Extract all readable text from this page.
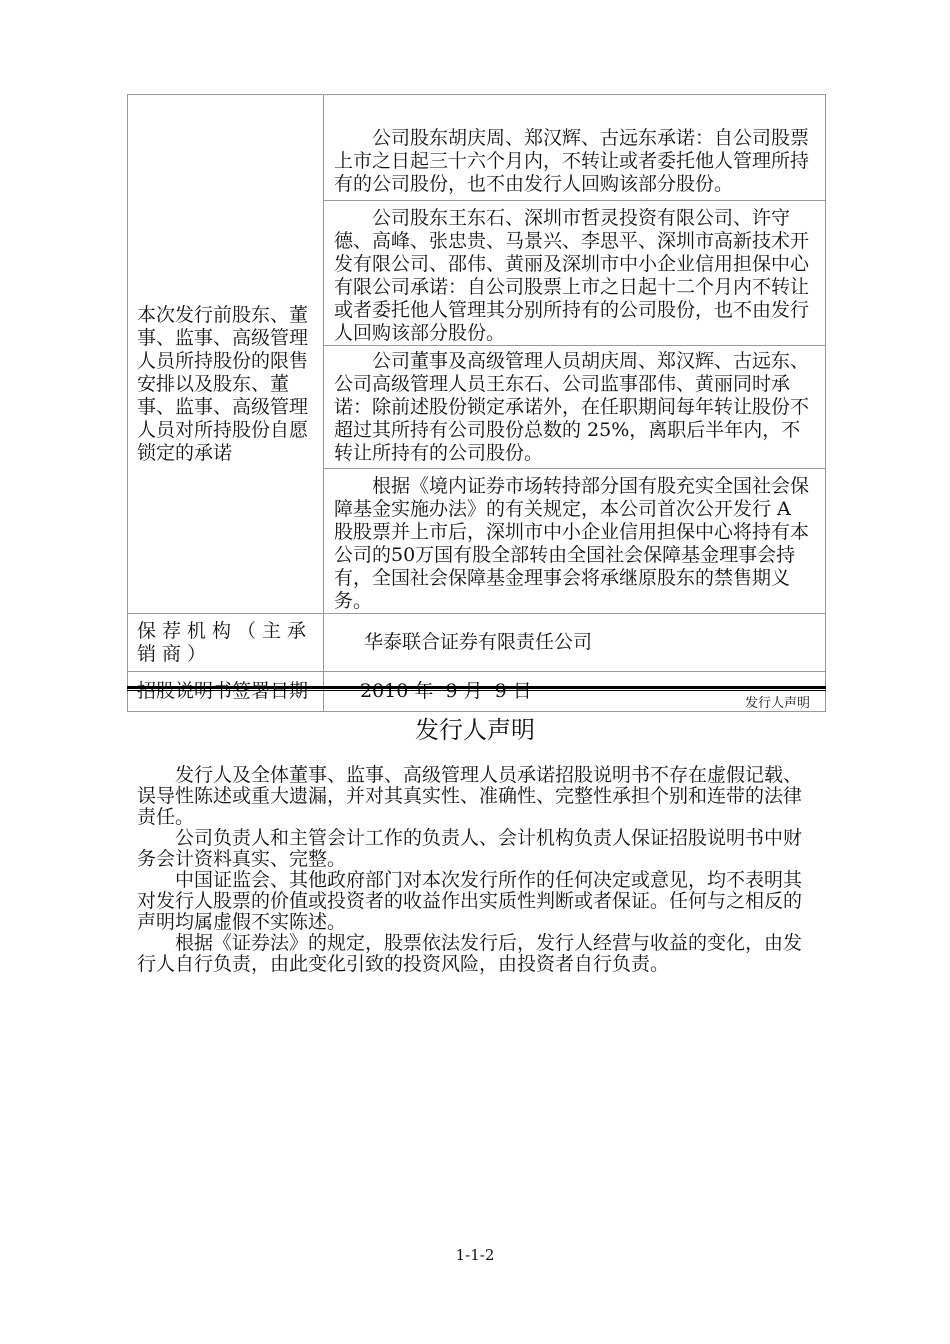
本次发行前股东、董事、监事、高级管理人员所持股份的限售安排以及股东、董事、监事、高级管理人员对所持股份自愿锁定的承诺	公司股东胡庆周、郑汉辉、古远东承诺：自公司股票上市之日起三十六个月内，不转让或者委托他人管理所持有的公司股份，也不由发行人回购该部分股份。

	公司股东王东石、深圳市哲灵投资有限公司、许守德、高峰、张忠贵、马景兴、李思平、深圳市高新技术开发有限公司、邵伟、黄丽及深圳市中小企业信用担保中心有限公司承诺：自公司股票上市之日起十二个月内不转让或者委托他人管理其分别所持有的公司股份，也不由发行人回购该部分股份。

	公司董事及高级管理人员胡庆周、郑汉辉、古远东、公司高级管理人员王东石、公司监事邵伟、黄丽同时承诺：除前述股份锁定承诺外，在任职期间每年转让股份不超过其所持有公司股份总数的 25%，离职后半年内，不转让所持有的公司股份。

	根据《境内证券市场转持部分国有股充实全国社会保障基金实施办法》的有关规定，本公司首次公开发行 A 股股票并上市后，深圳市中小企业信用担保中心将持有本公司的50万国有股全部转由全国社会保障基金理事会持有，全国社会保障基金理事会将承继原股东的禁售期义务。

保荐机构（主承销商）	华泰联合证券有限责任公司
招股说明书签署日期	2010 年  9 月  9 日
发行人声明
发行人声明

发行人及全体董事、监事、高级管理人员承诺招股说明书不存在虚假记载、误导性陈述或重大遗漏，并对其真实性、准确性、完整性承担个别和连带的法律责任。

公司负责人和主管会计工作的负责人、会计机构负责人保证招股说明书中财务会计资料真实、完整。

中国证监会、其他政府部门对本次发行所作的任何决定或意见，均不表明其对发行人股票的价值或投资者的收益作出实质性判断或者保证。任何与之相反的声明均属虚假不实陈述。

根据《证券法》的规定，股票依法发行后，发行人经营与收益的变化，由发行人自行负责，由此变化引致的投资风险，由投资者自行负责。

1-1-2
